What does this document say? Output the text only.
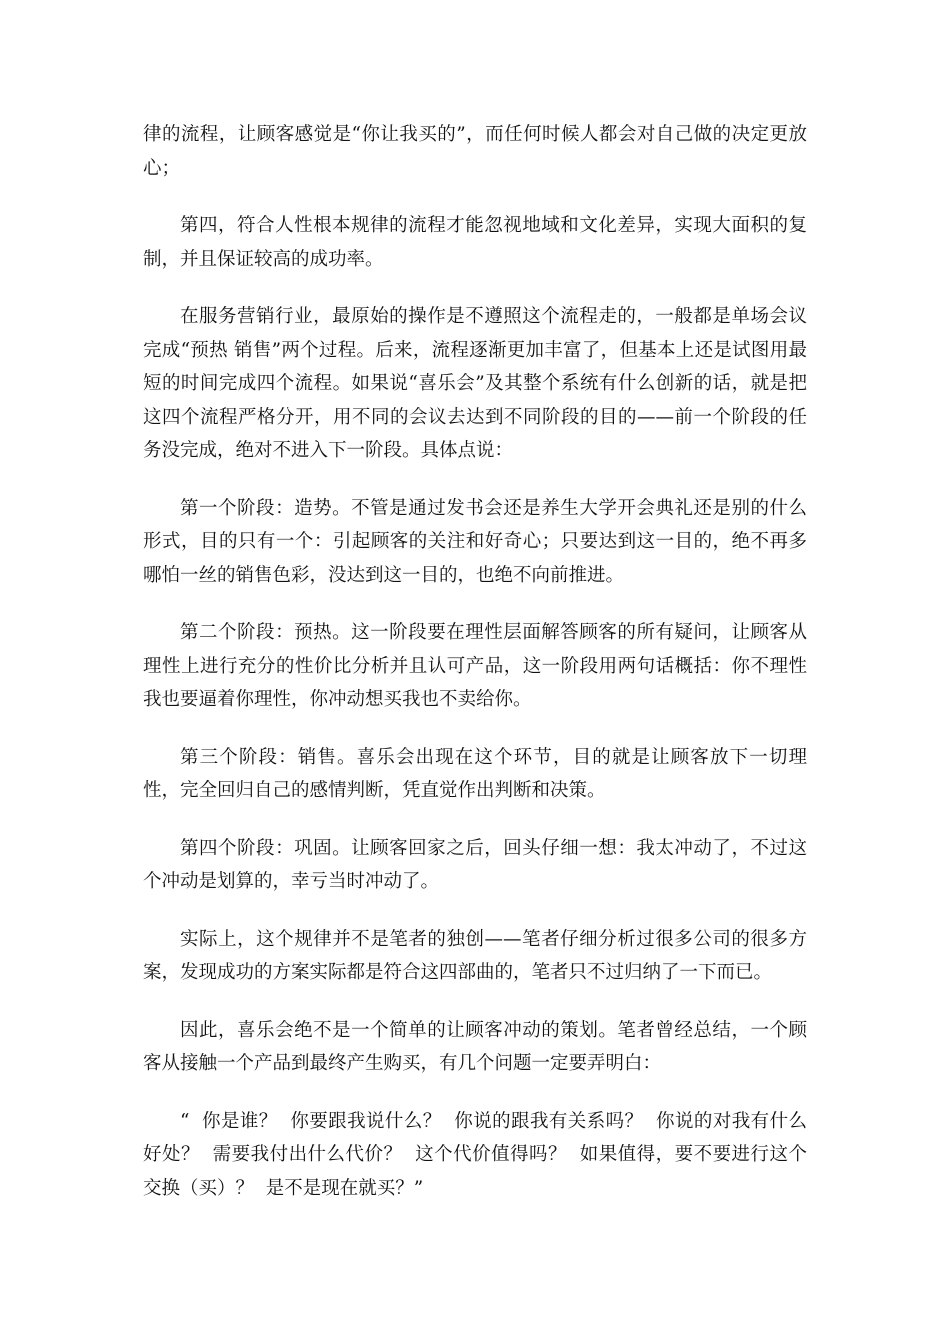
律的流程，让顾客感觉是“你让我买的”，而任何时候人都会对自己做的决定更放心；

第四，符合人性根本规律的流程才能忽视地域和文化差异，实现大面积的复制，并且保证较高的成功率。

在服务营销行业，最原始的操作是不遵照这个流程走的，一般都是单场会议完成“预热 销售”两个过程。后来，流程逐渐更加丰富了，但基本上还是试图用最短的时间完成四个流程。如果说“喜乐会”及其整个系统有什么创新的话，就是把这四个流程严格分开，用不同的会议去达到不同阶段的目的——前一个阶段的任务没完成，绝对不进入下一阶段。具体点说：

第一个阶段：造势。不管是通过发书会还是养生大学开会典礼还是别的什么形式，目的只有一个：引起顾客的关注和好奇心；只要达到这一目的，绝不再多哪怕一丝的销售色彩，没达到这一目的，也绝不向前推进。

第二个阶段：预热。这一阶段要在理性层面解答顾客的所有疑问，让顾客从理性上进行充分的性价比分析并且认可产品，这一阶段用两句话概括：你不理性我也要逼着你理性，你冲动想买我也不卖给你。

第三个阶段：销售。喜乐会出现在这个环节，目的就是让顾客放下一切理性，完全回归自己的感情判断，凭直觉作出判断和决策。

第四个阶段：巩固。让顾客回家之后，回头仔细一想：我太冲动了，不过这个冲动是划算的，幸亏当时冲动了。

实际上，这个规律并不是笔者的独创——笔者仔细分析过很多公司的很多方案，发现成功的方案实际都是符合这四部曲的，笔者只不过归纳了一下而已。

因此，喜乐会绝不是一个简单的让顾客冲动的策划。笔者曾经总结，一个顾客从接触一个产品到最终产生购买，有几个问题一定要弄明白：

“  你是谁？  你要跟我说什么？  你说的跟我有关系吗？  你说的对我有什么好处？  需要我付出什么代价？  这个代价值得吗？  如果值得，要不要进行这个交换（买）？  是不是现在就买？”
